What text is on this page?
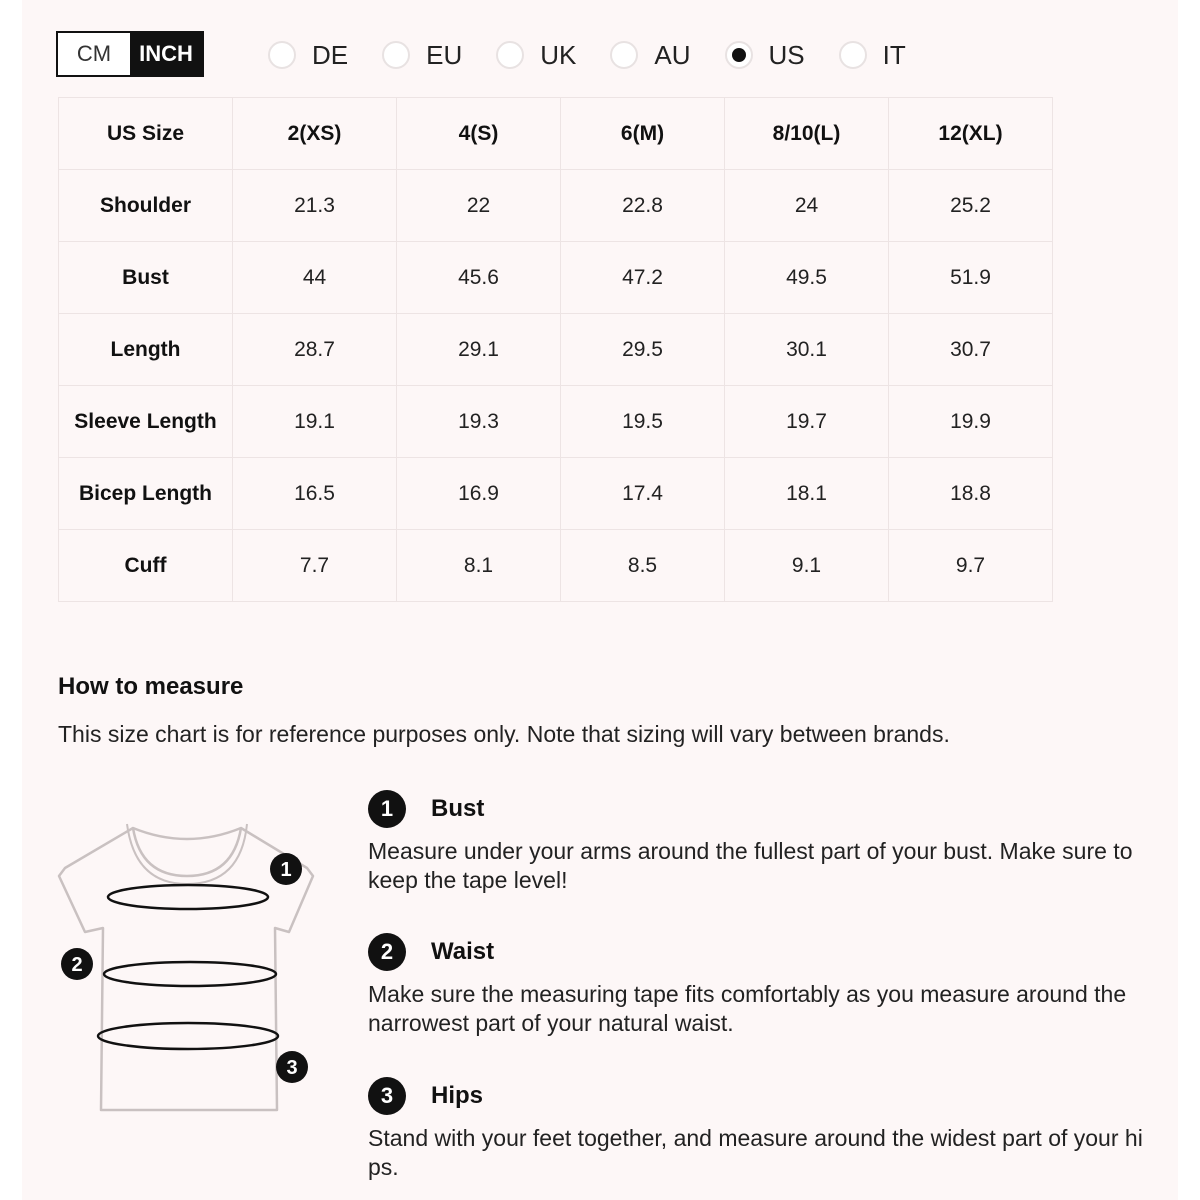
CM	INCH	DE	EU	UK	AU	US	IT
US Size	2(XS)	4(S)	6(M)	8/10(L)	12(XL)
Shoulder	21.3	22	22.8	24	25.2
Bust	44	45.6	47.2	49.5	51.9
Length	28.7	29.1	29.5	30.1	30.7
Sleeve Length	19.1	19.3	19.5	19.7	19.9
Bicep Length	16.5	16.9	17.4	18.1	18.8
Cuff	7.7	8.1	8.5	9.1	9.7
How to measure
This size chart is for reference purposes only. Note that sizing will vary between brands.
1
2
3
1	Bust
Measure under your arms around the fullest part of your bust. Make sure to keep the tape level!
2	Waist
Make sure the measuring tape fits comfortably as you measure around the narrowest part of your natural waist.
3	Hips
Stand with your feet together, and measure around the widest part of your hips.
